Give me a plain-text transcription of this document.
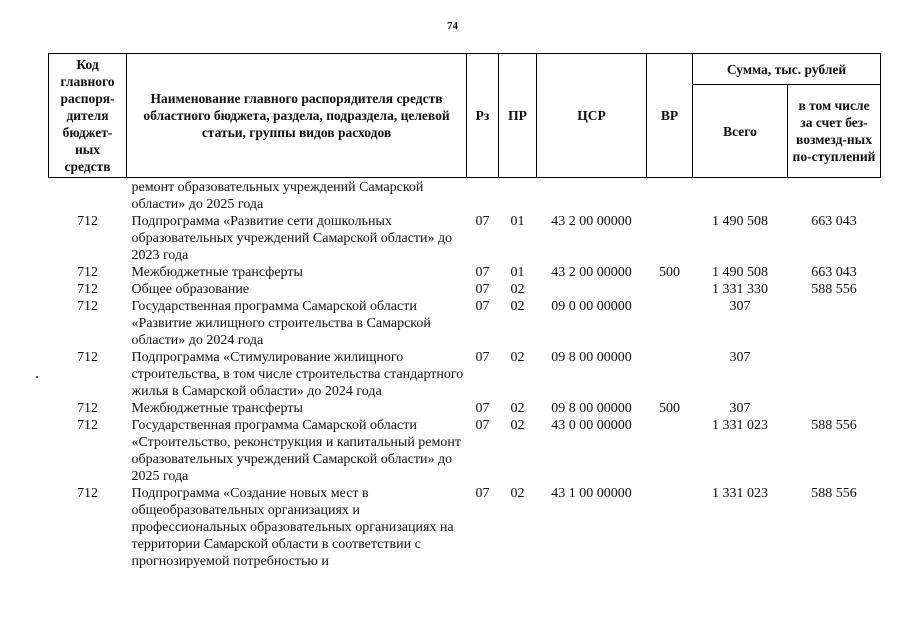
74
Код главного распоря-дителя бюджет-ных средств	Наименование главного распорядителя средств областного бюджета, раздела, подраздела, целевой статьи, группы видов расходов	Рз	ПР	ЦСР	ВР	Сумма, тыс. рублей	
						Всего	в том числе за счет без-возмезд-ных по-ступлений
	ремонт образовательных учреждений Самарской области» до 2025 года						
712	Подпрограмма «Развитие сети дошкольных образовательных учреждений Самарской области» до 2023 года	07	01	43 2 00 00000		1 490 508	663 043
712	Межбюджетные трансферты	07	01	43 2 00 00000	500	1 490 508	663 043
712	Общее образование	07	02			1 331 330	588 556
712	Государственная программа Самарской области «Развитие жилищного строительства в Самарской области» до 2024 года	07	02	09 0 00 00000		307	
712	Подпрограмма «Стимулирование жилищного строительства, в том числе строительства стандартного жилья в Самарской области» до 2024 года	07	02	09 8 00 00000		307	
712	Межбюджетные трансферты	07	02	09 8 00 00000	500	307	
712	Государственная программа Самарской области «Строительство, реконструкция и капитальный ремонт образовательных учреждений Самарской области» до 2025 года	07	02	43 0 00 00000		1 331 023	588 556
712	Подпрограмма «Создание новых мест в общеобразовательных организациях и профессиональных образовательных организациях на территории Самарской области в соответствии с прогнозируемой потребностью и	07	02	43 1 00 00000		1 331 023	588 556
